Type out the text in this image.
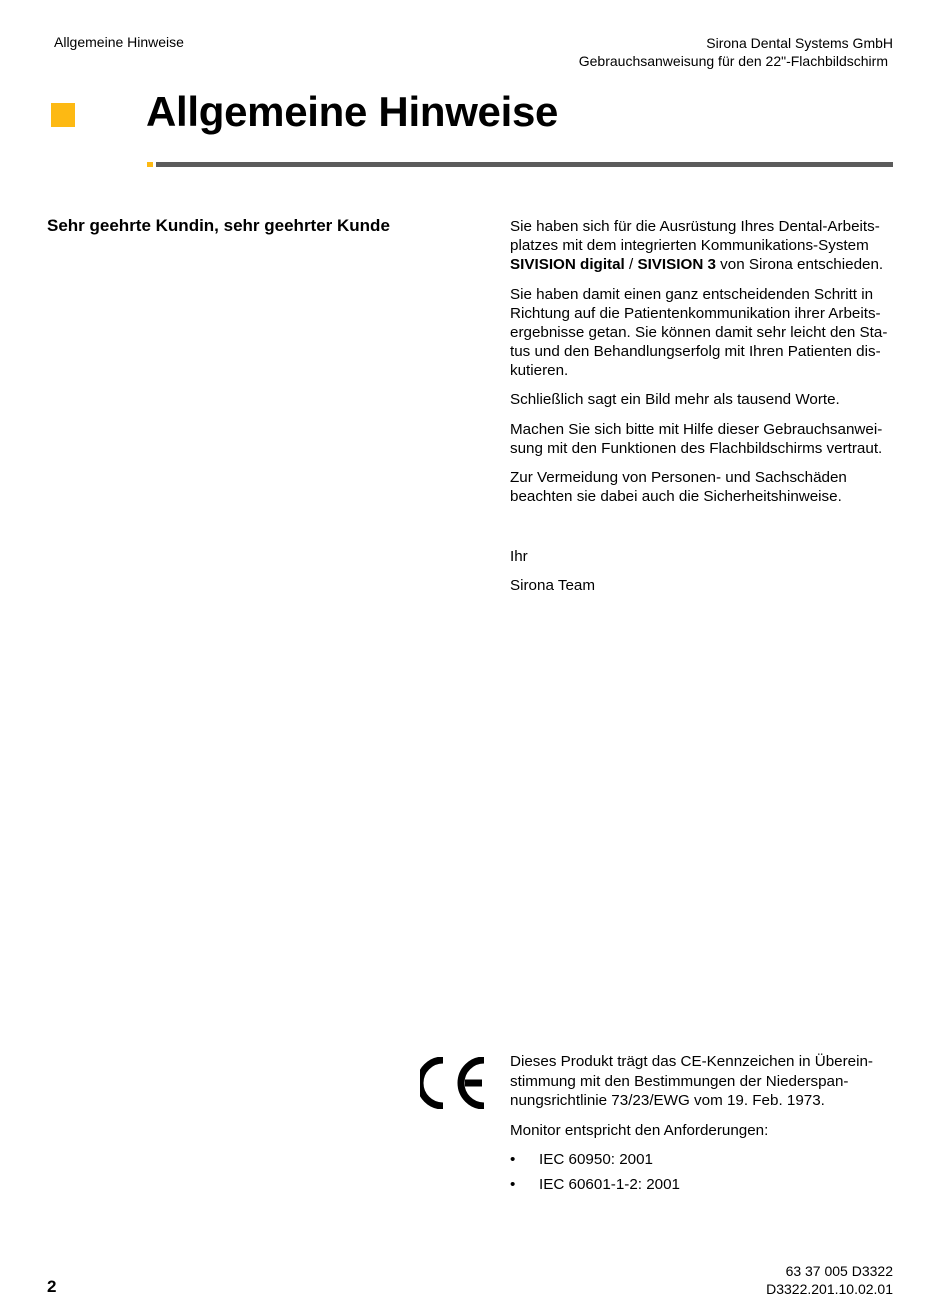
Allgemeine Hinweise	Sirona Dental Systems GmbH
Gebrauchsanweisung für den 22"-Flachbildschirm
Allgemeine Hinweise
Sehr geehrte Kundin, sehr geehrter Kunde	Sie haben sich für die Ausrüstung Ihres Dental-Arbeits-
platzes mit dem integrierten Kommunikations-System
SIVISION digital / SIVISION 3 von Sirona entschieden.

Sie haben damit einen ganz entscheidenden Schritt in
Richtung auf die Patientenkommunikation ihrer Arbeits-
ergebnisse getan. Sie können damit sehr leicht den Sta-
tus und den Behandlungserfolg mit Ihren Patienten dis-
kutieren.

Schließlich sagt ein Bild mehr als tausend Worte.

Machen Sie sich bitte mit Hilfe dieser Gebrauchsanwei-
sung mit den Funktionen des Flachbildschirms vertraut.

Zur Vermeidung von Personen- und Sachschäden
beachten sie dabei auch die Sicherheitshinweise.

Ihr

Sirona Team

Dieses Produkt trägt das CE-Kennzeichen in Überein-
stimmung mit den Bestimmungen der Niederspan-
nungsrichtlinie 73/23/EWG vom 19. Feb. 1973.

Monitor entspricht den Anforderungen:

• IEC 60950: 2001
• IEC 60601-1-2: 2001
2
63 37 005 D3322
D3322.201.10.02.01
